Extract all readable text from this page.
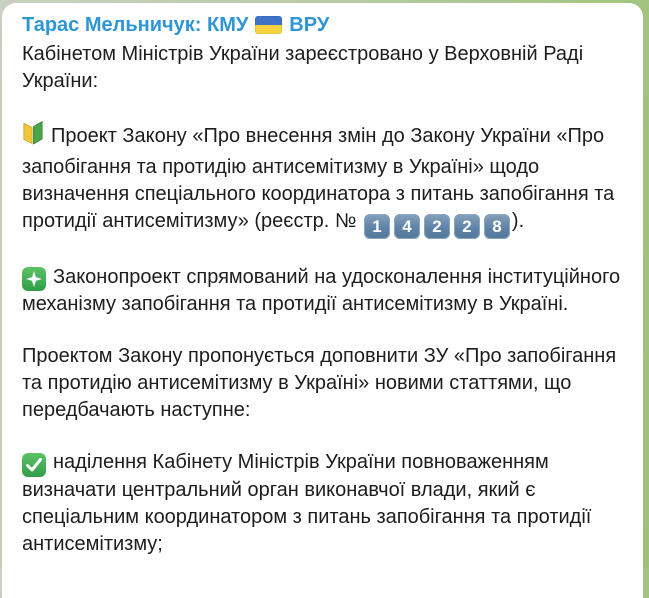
Тарас Мельничук: КМУ ВРУ

Кабінетом Міністрів України зареєстровано у Верховній Раді України:

Проект Закону «Про внесення змін до Закону України «Про запобігання та протидію антисемітизму в Україні» щодо визначення спеціального координатора з питань запобігання та протидії антисемітизму» (реєстр. № 1 4 2 2 8 ).

Законопроект спрямований на удосконалення інституційного механізму запобігання та протидії антисемітизму в Україні.

Проектом Закону пропонується доповнити ЗУ «Про запобігання та протидію антисемітизму в Україні» новими статтями, що передбачають наступне:

наділення Кабінету Міністрів України повноваженням визначати центральний орган виконавчої влади, який є спеціальним координатором з питань запобігання та протидії антисемітизму;
